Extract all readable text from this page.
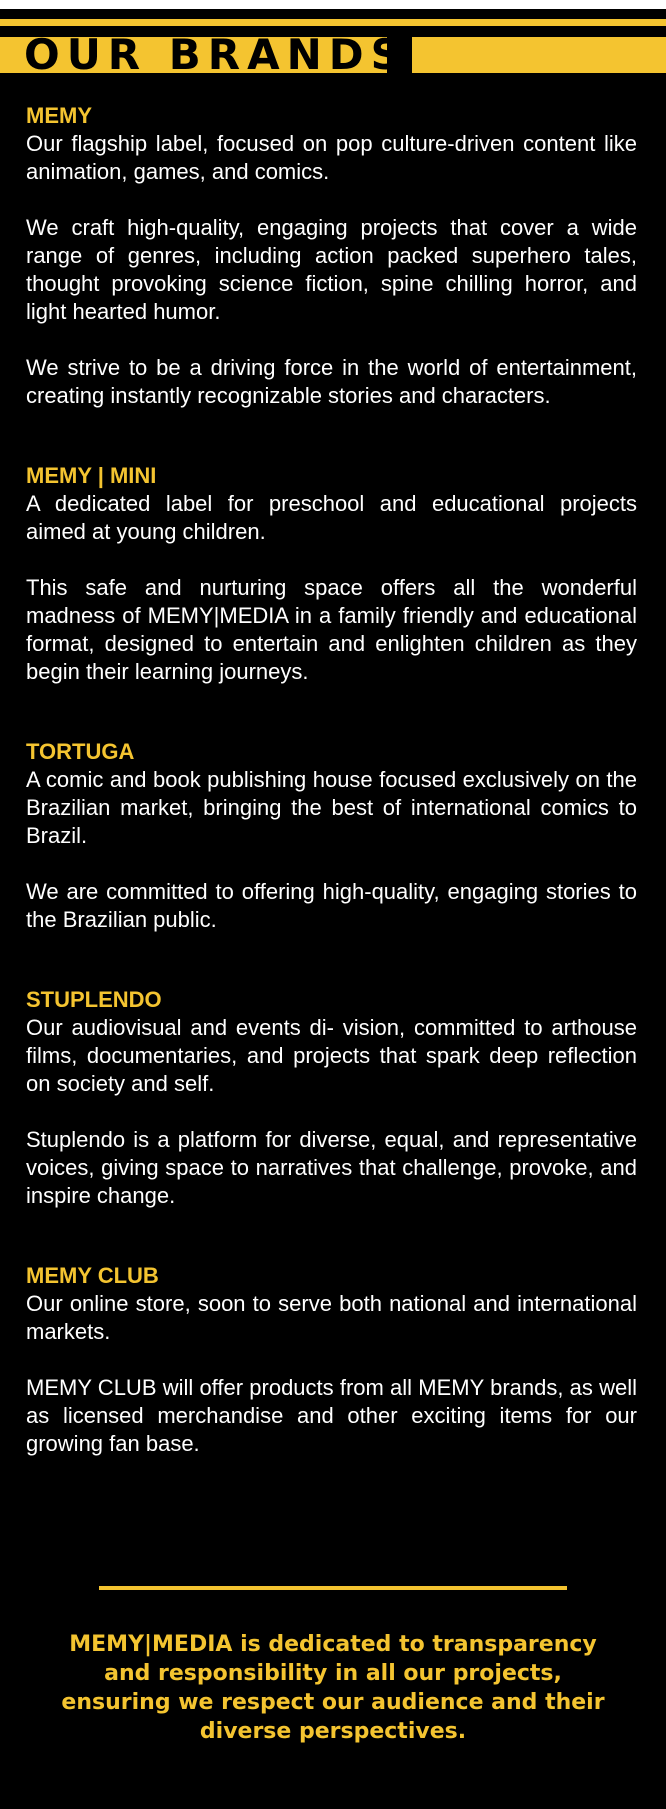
OUR BRANDS
MEMY

Our flagship label, focused on pop culture-driven content like animation, games, and comics.

We craft high-quality, engaging projects that cover a wide range of genres, including action packed superhero tales, thought provoking science fiction, spine chilling horror, and light hearted humor.

We strive to be a driving force in the world of entertainment, creating instantly recognizable stories and characters.

MEMY | MINI

A dedicated label for preschool and educational projects aimed at young children.

This safe and nurturing space offers all the wonderful madness of MEMY|MEDIA in a family friendly and educational format, designed to entertain and enlighten children as they begin their learning journeys.

TORTUGA

A comic and book publishing house focused exclusively on the Brazilian market, bringing the best of international comics to Brazil.

We are committed to offering high-quality, engaging stories to the Brazilian public.

STUPLENDO

Our audiovisual and events di- vision, committed to arthouse films, documentaries, and projects that spark deep reflection on society and self.

Stuplendo is a platform for diverse, equal, and representative voices, giving space to narratives that challenge, provoke, and inspire change.

MEMY CLUB

Our online store, soon to serve both national and international markets.

MEMY CLUB will offer products from all MEMY brands, as well as licensed merchandise and other exciting items for our growing fan base.

MEMY|MEDIA is dedicated to transparency and responsibility in all our projects, ensuring we respect our audience and their diverse perspectives.
